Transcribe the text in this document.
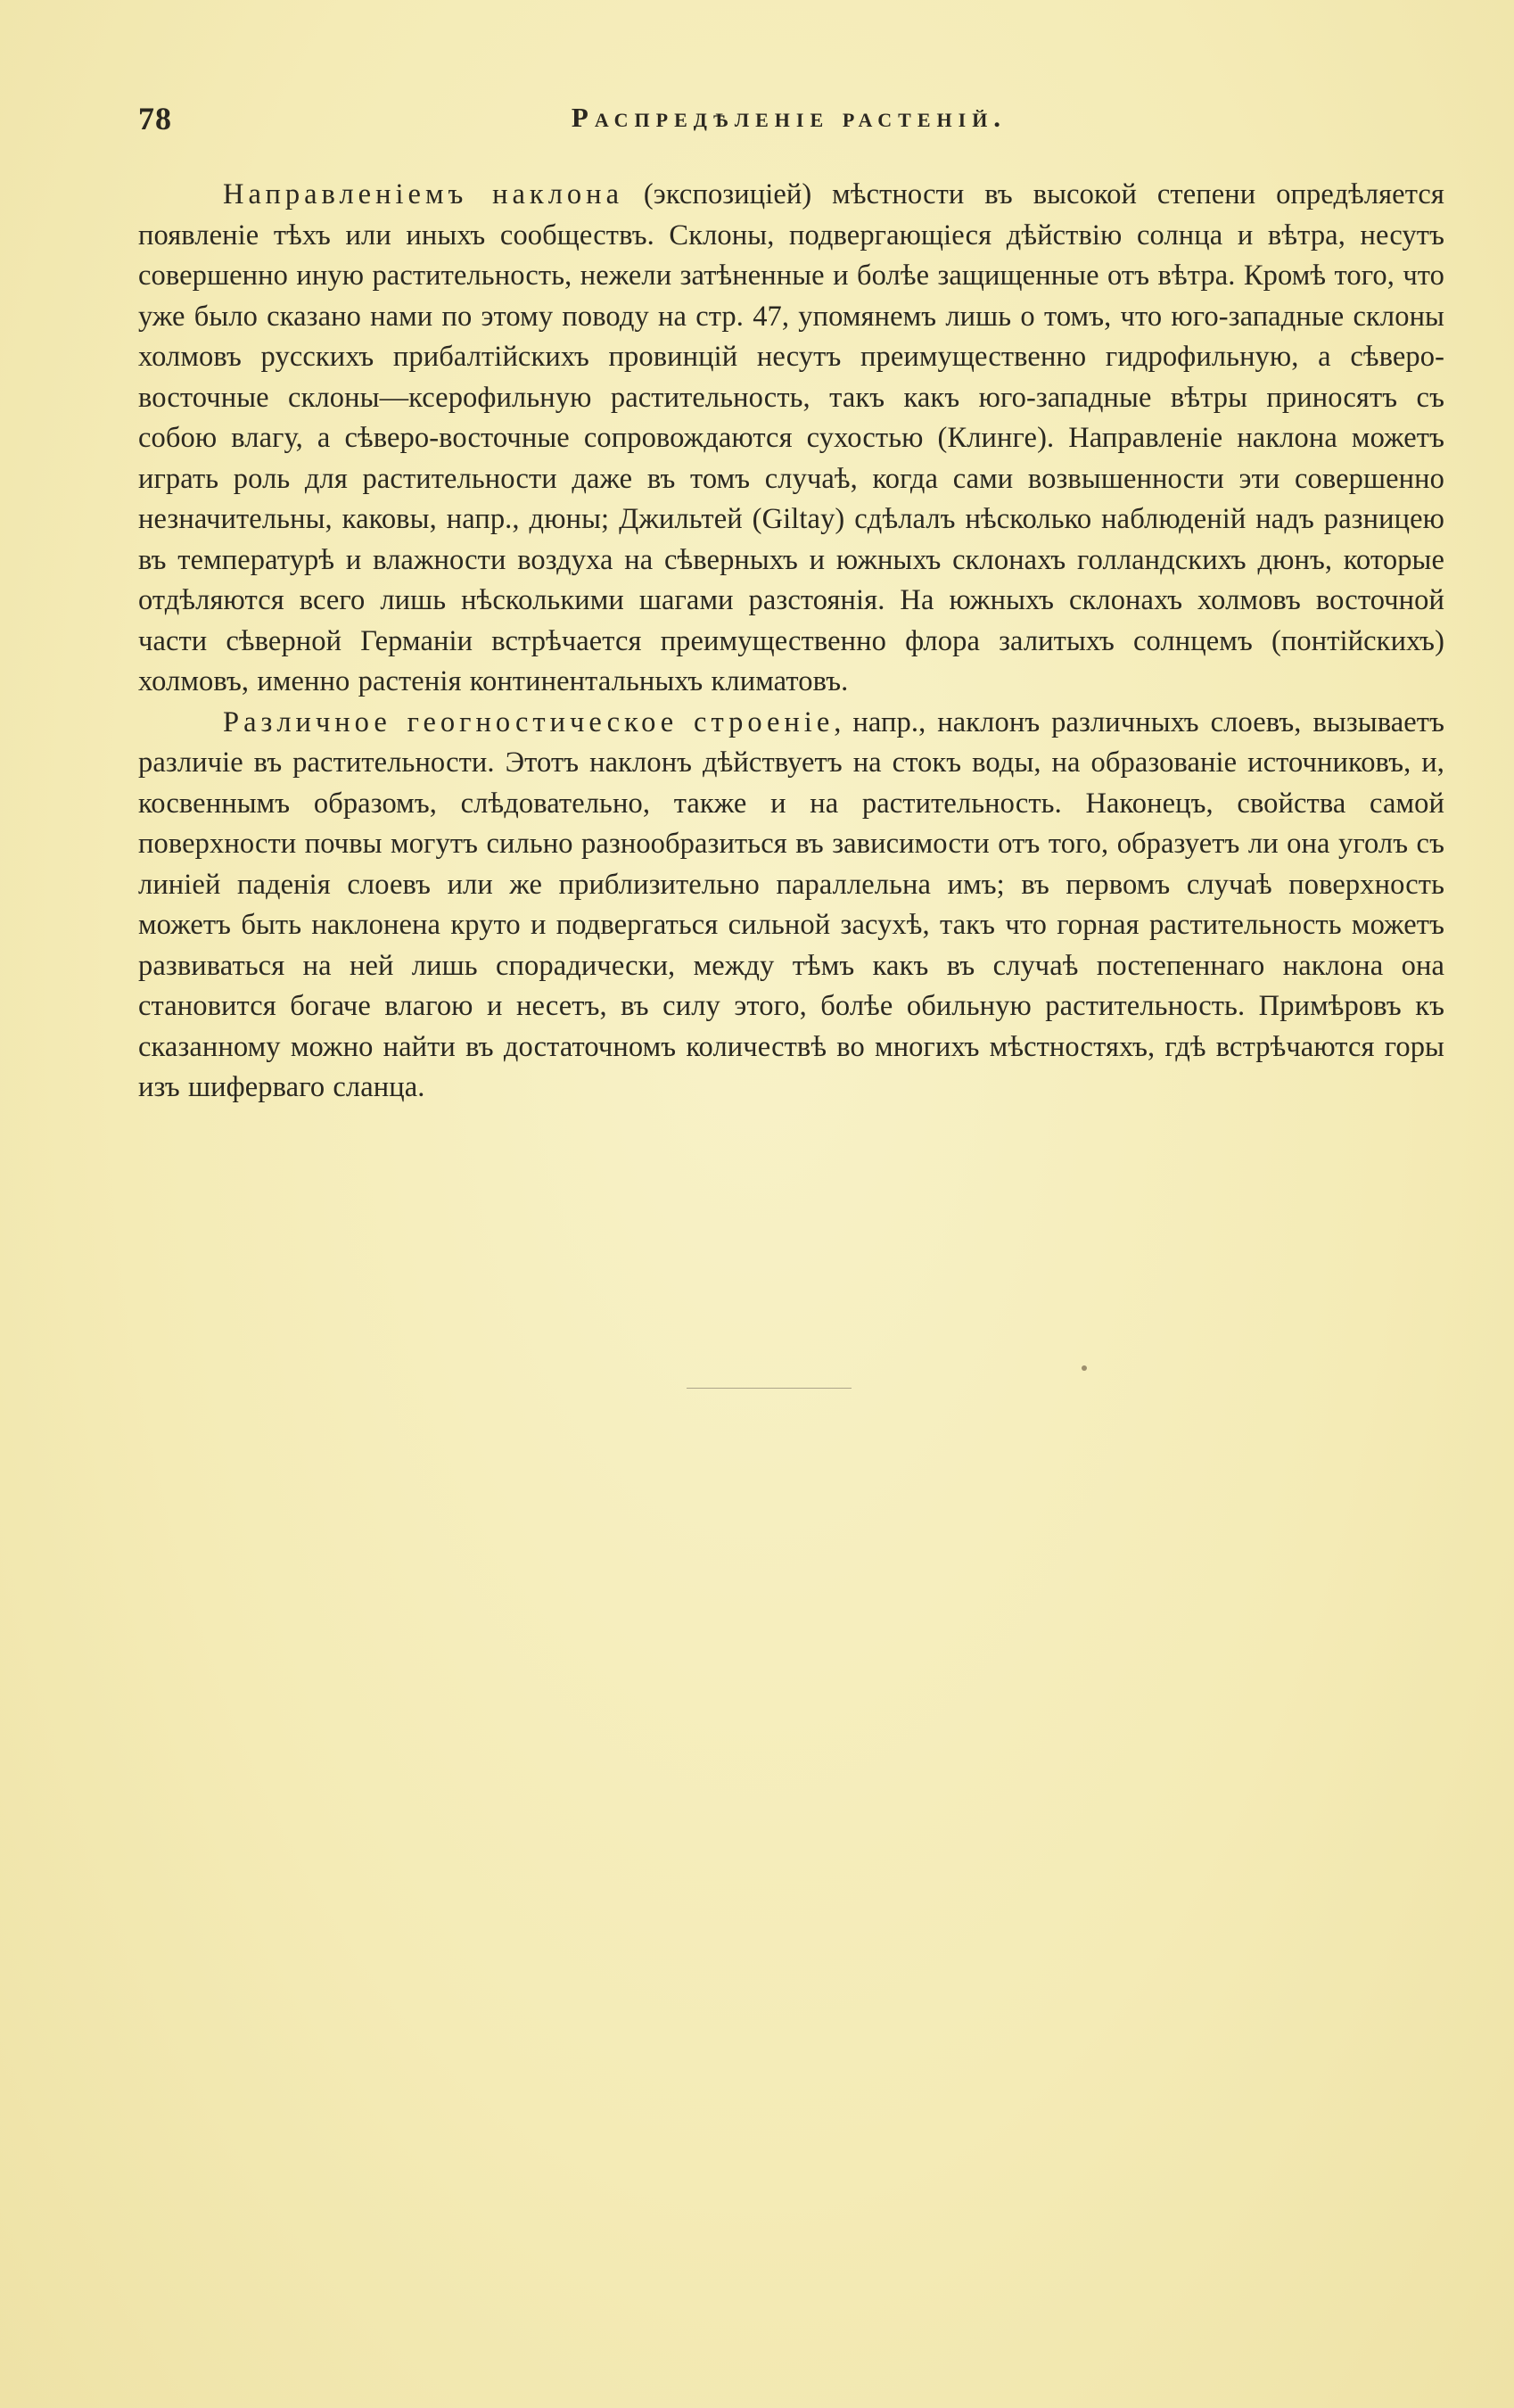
78	Распредѣленіе растеній.

Направленіемъ наклона (экспозиціей) мѣстности въ высокой степени опредѣляется появленіе тѣхъ или иныхъ сообществъ. Склоны, подвергающіеся дѣйствію солнца и вѣтра, несутъ совершенно иную растительность, нежели затѣненные и болѣе защищенные отъ вѣтра. Кромѣ того, что уже было сказано нами по этому поводу на стр. 47, упомянемъ лишь о томъ, что юго-западные склоны холмовъ русскихъ прибалтійскихъ провинцій несутъ преимущественно гидрофильную, а сѣверо-восточные склоны—ксерофильную растительность, такъ какъ юго-западные вѣтры приносятъ съ собою влагу, а сѣверо-восточные сопровождаются сухостью (Клинге). Направленіе наклона можетъ играть роль для растительности даже въ томъ случаѣ, когда сами возвышенности эти совершенно незначительны, каковы, напр., дюны; Джильтей (Giltay) сдѣлалъ нѣсколько наблюденій надъ разницею въ температурѣ и влажности воздуха на сѣверныхъ и южныхъ склонахъ голландскихъ дюнъ, которые отдѣляются всего лишь нѣсколькими шагами разстоянія. На южныхъ склонахъ холмовъ восточной части сѣверной Германіи встрѣчается преимущественно флора залитыхъ солнцемъ (понтійскихъ) холмовъ, именно растенія континентальныхъ климатовъ.

Различное геогностическое строеніе, напр., наклонъ различныхъ слоевъ, вызываетъ различіе въ растительности. Этотъ наклонъ дѣйствуетъ на стокъ воды, на образованіе источниковъ, и, косвеннымъ образомъ, слѣдовательно, также и на растительность. Наконецъ, свойства самой поверхности почвы могутъ сильно разнообразиться въ зависимости отъ того, образуетъ ли она уголъ съ линіей паденія слоевъ или же приблизительно параллельна имъ; въ первомъ случаѣ поверхность можетъ быть наклонена круто и подвергаться сильной засухѣ, такъ что горная растительность можетъ развиваться на ней лишь спорадически, между тѣмъ какъ въ случаѣ постепеннаго наклона она становится богаче влагою и несетъ, въ силу этого, болѣе обильную растительность. Примѣровъ къ сказанному можно найти въ достаточномъ количествѣ во многихъ мѣстностяхъ, гдѣ встрѣчаются горы изъ шиферваго сланца.
